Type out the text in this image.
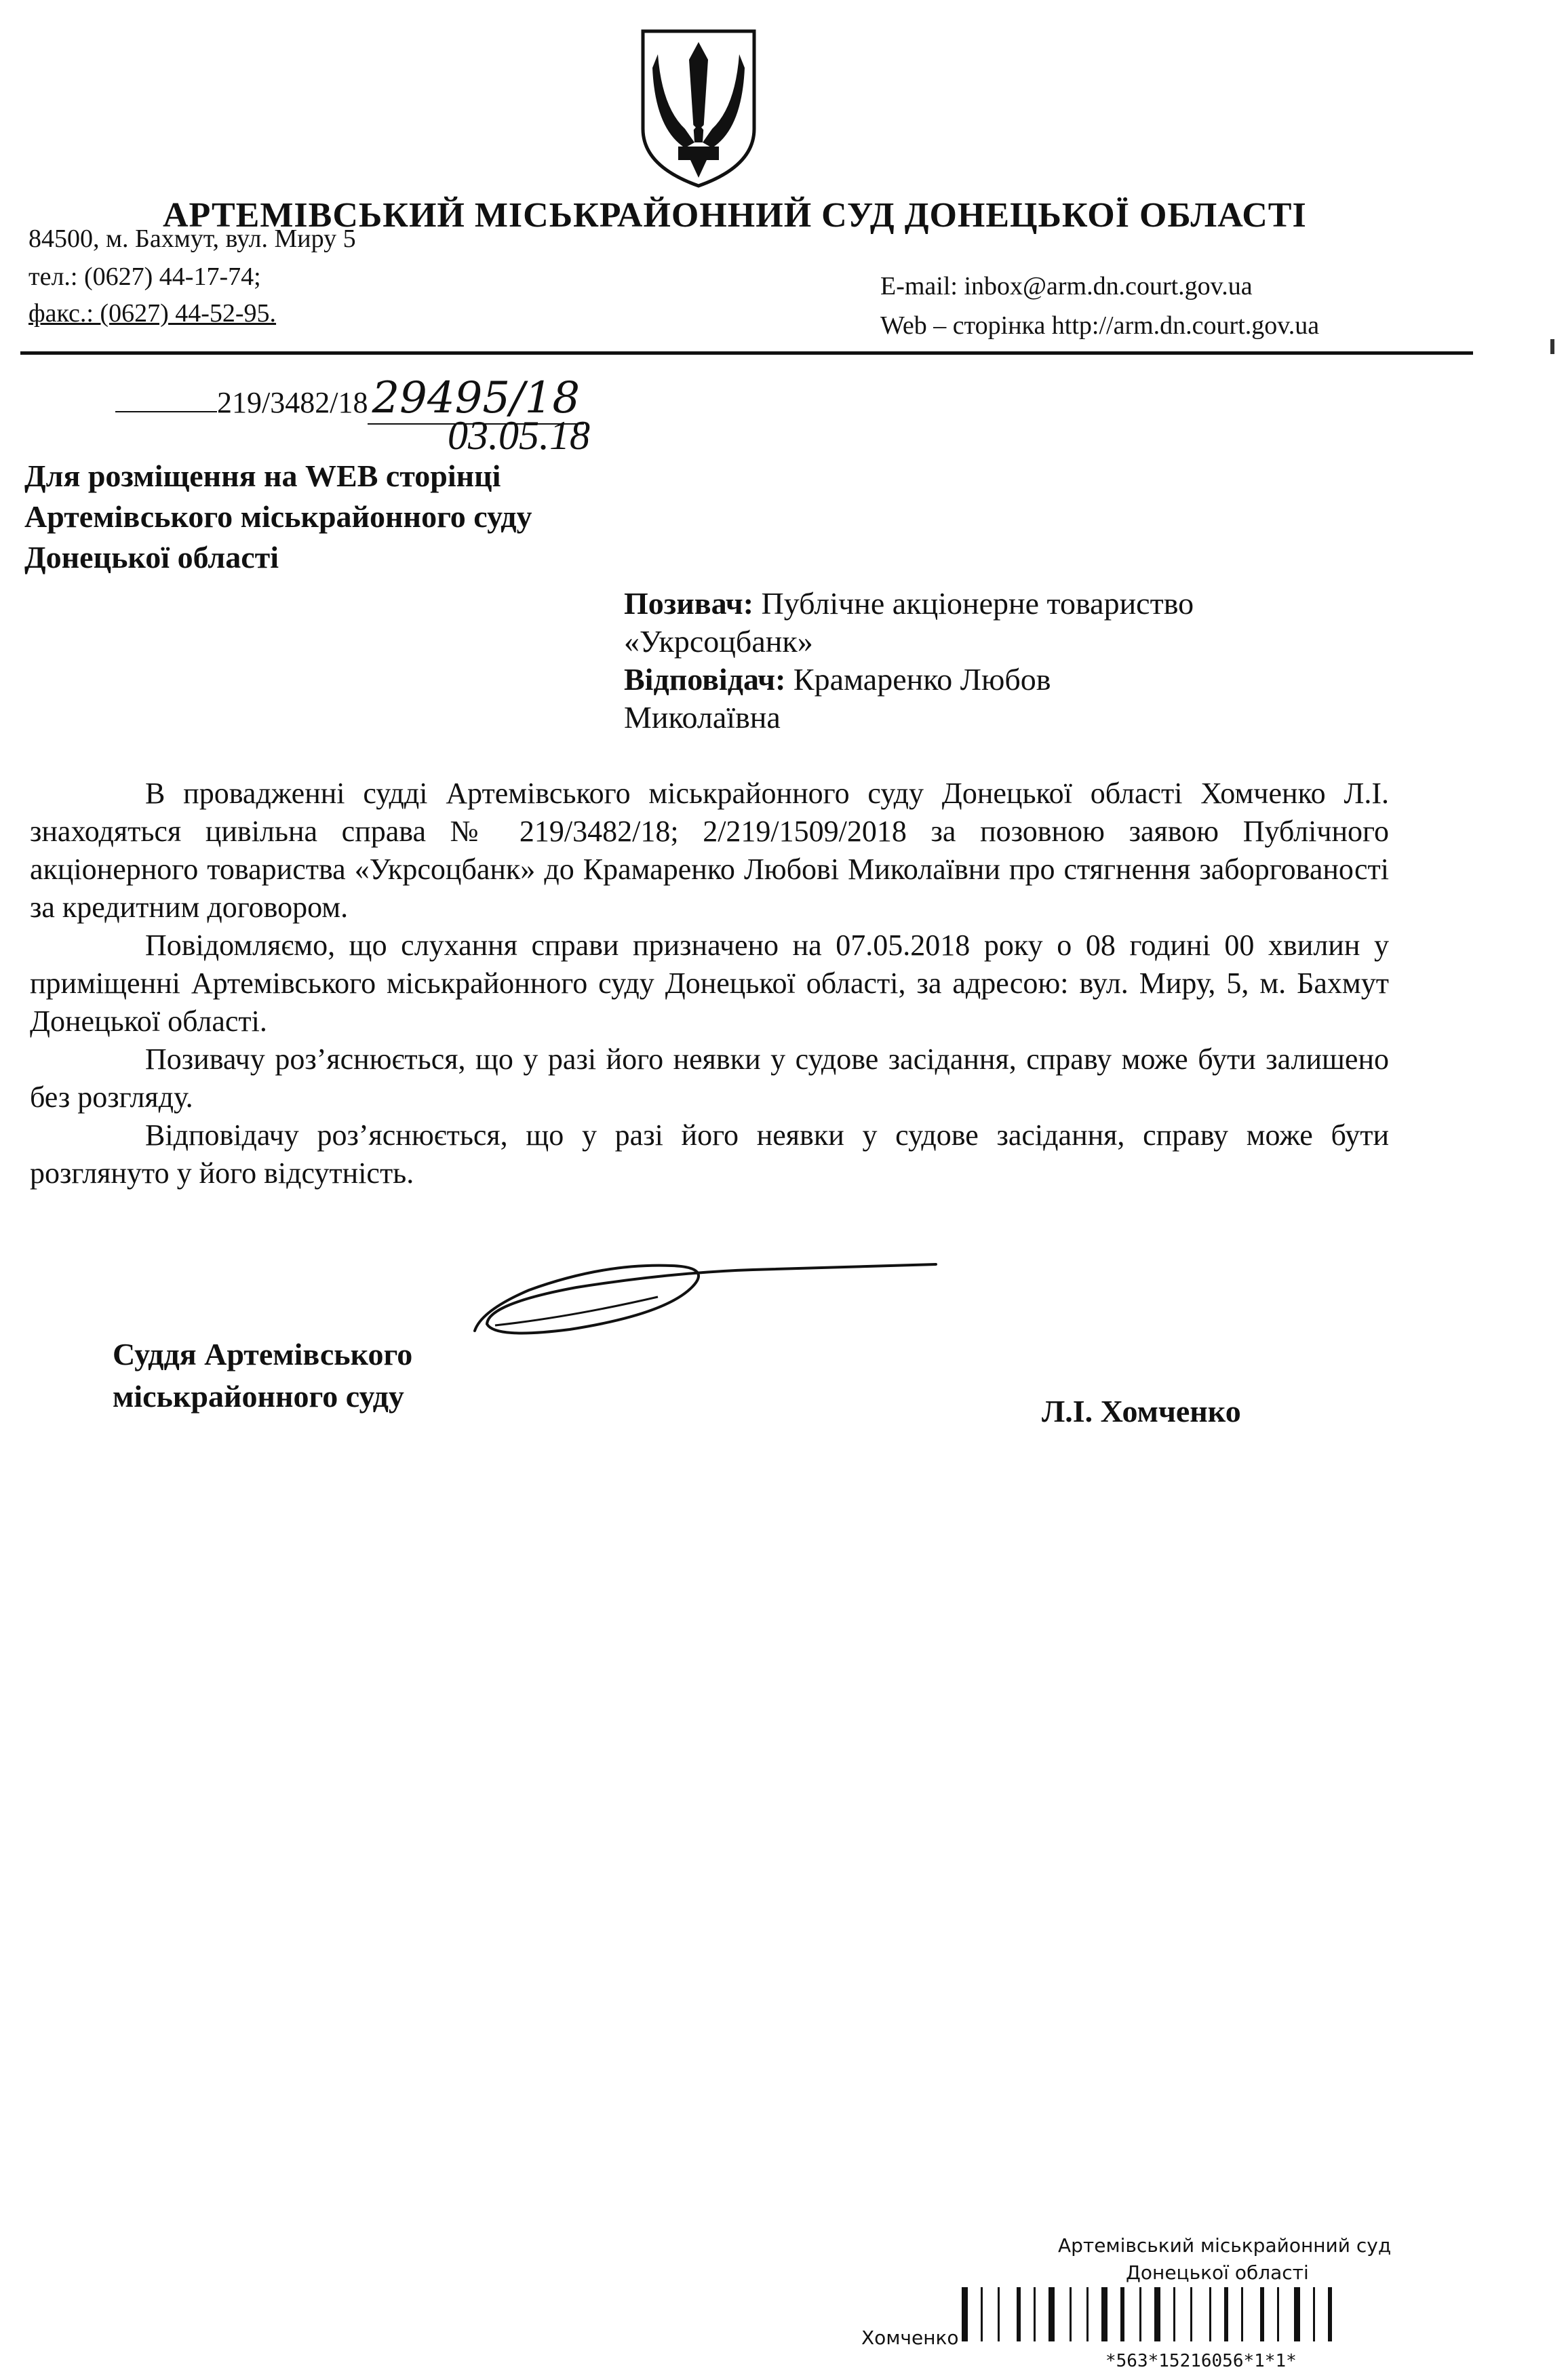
АРТЕМІВСЬКИЙ МІСЬКРАЙОННИЙ СУД ДОНЕЦЬКОЇ ОБЛАСТІ
84500, м. Бахмут, вул. Миру 5
тел.: (0627) 44-17-74;
факс.: (0627) 44-52-95.
E-mail: inbox@arm.dn.court.gov.ua
Web – сторінка http://arm.dn.court.gov.ua
219/3482/1829495/18
03.05.18
Для розміщення на WEB сторінці
Артемівського міськрайонного суду
Донецької області
Позивач: Публічне акціонерне товариство
«Укрсоцбанк»
Відповідач: Крамаренко Любов
Миколаївна

В провадженні судді Артемівського міськрайонного суду Донецької області Хомченко Л.І. знаходяться цивільна справа № 219/3482/18; 2/219/1509/2018 за позовною заявою Публічного акціонерного товариства «Укрсоцбанк» до Крамаренко Любові Миколаївни про стягнення заборгованості за кредитним договором.

Повідомляємо, що слухання справи призначено на 07.05.2018 року о 08 годині 00 хвилин у приміщенні Артемівського міськрайонного суду Донецької області, за адресою: вул. Миру, 5, м. Бахмут Донецької області.

Позивачу роз’яснюється, що у разі його неявки у судове засідання, справу може бути залишено без розгляду.

Відповідачу роз’яснюється, що у разі його неявки у судове засідання, справу може бути розглянуто у його відсутність.

Суддя Артемівського
міськрайонного суду	Л.І. Хомченко
Артемівський міськрайонний суд
Донецької області
Хомченко
*563*15216056*1*1*
